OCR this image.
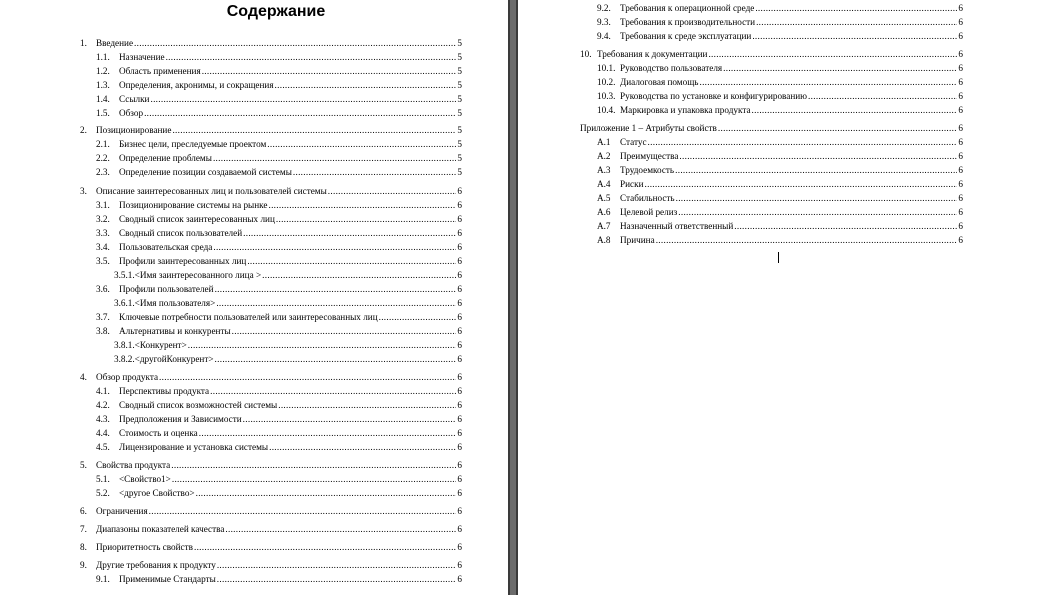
Содержание
1. Введение .....	5
1.1.	Назначение .....	5
1.2.	Область применения .....	5
1.3.	Определения, акронимы, и сокращения .....	5
1.4.	Ссылки .....	5
1.5.	Обзор .....	5
2. Позиционирование .....	5
2.1.	Бизнес цели, преследуемые проектом .....	5
2.2.	Определение проблемы .....	5
2.3.	Определение позиции создаваемой системы .....	5
3. Описание заинтересованных лиц и пользователей системы .....	6
3.1.	Позиционирование системы на рынке .....	6
3.2.	Сводный список заинтересованных лиц .....	6
3.3.	Сводный список пользователей .....	6
3.4.	Пользовательская среда .....	6
3.5.	Профили заинтересованных лиц .....	6
3.5.1. <Имя заинтересованного лица > .....	6
3.6.	Профили пользователей .....	6
3.6.1. <Имя пользователя> .....	6
3.7.	Ключевые потребности пользователей или заинтересованных лиц .....	6
3.8.	Альтернативы и конкуренты .....	6
3.8.1. <Конкурент> .....	6
3.8.2. <другойКонкурент> .....	6
4. Обзор продукта .....	6
4.1.	Перспективы продукта .....	6
4.2.	Сводный список возможностей системы .....	6
4.3.	Предположения и Зависимости .....	6
4.4.	Стоимость и оценка .....	6
4.5.	Лицензирование и установка системы .....	6
5. Свойства продукта .....	6
5.1.	<Свойство1> .....	6
5.2.	<другое Свойство> .....	6
6. Ограничения .....	6
7. Диапазоны показателей качества .....	6
8. Приоритетность свойств .....	6
9. Другие требования к продукту .....	6
9.1.	Применимые Стандарты .....	6
9.2.	Требования к операционной среде .....	6
9.3.	Требования к производительности .....	6
9.4.	Требования к среде эксплуатации .....	6
10. Требования к документации .....	6
10.1. Руководство пользователя .....	6
10.2. Диалоговая помощь .....	6
10.3. Руководства по установке и конфигурированию .....	6
10.4. Маркировка и упаковка продукта .....	6
Приложение 1 – Атрибуты свойств .....	6
A.1	Статус .....	6
A.2	Преимущества .....	6
A.3	Трудоемкость .....	6
A.4	Риски .....	6
A.5	Стабильность .....	6
A.6	Целевой релиз .....	6
A.7	Назначенный ответственный .....	6
A.8	Причина .....	6
